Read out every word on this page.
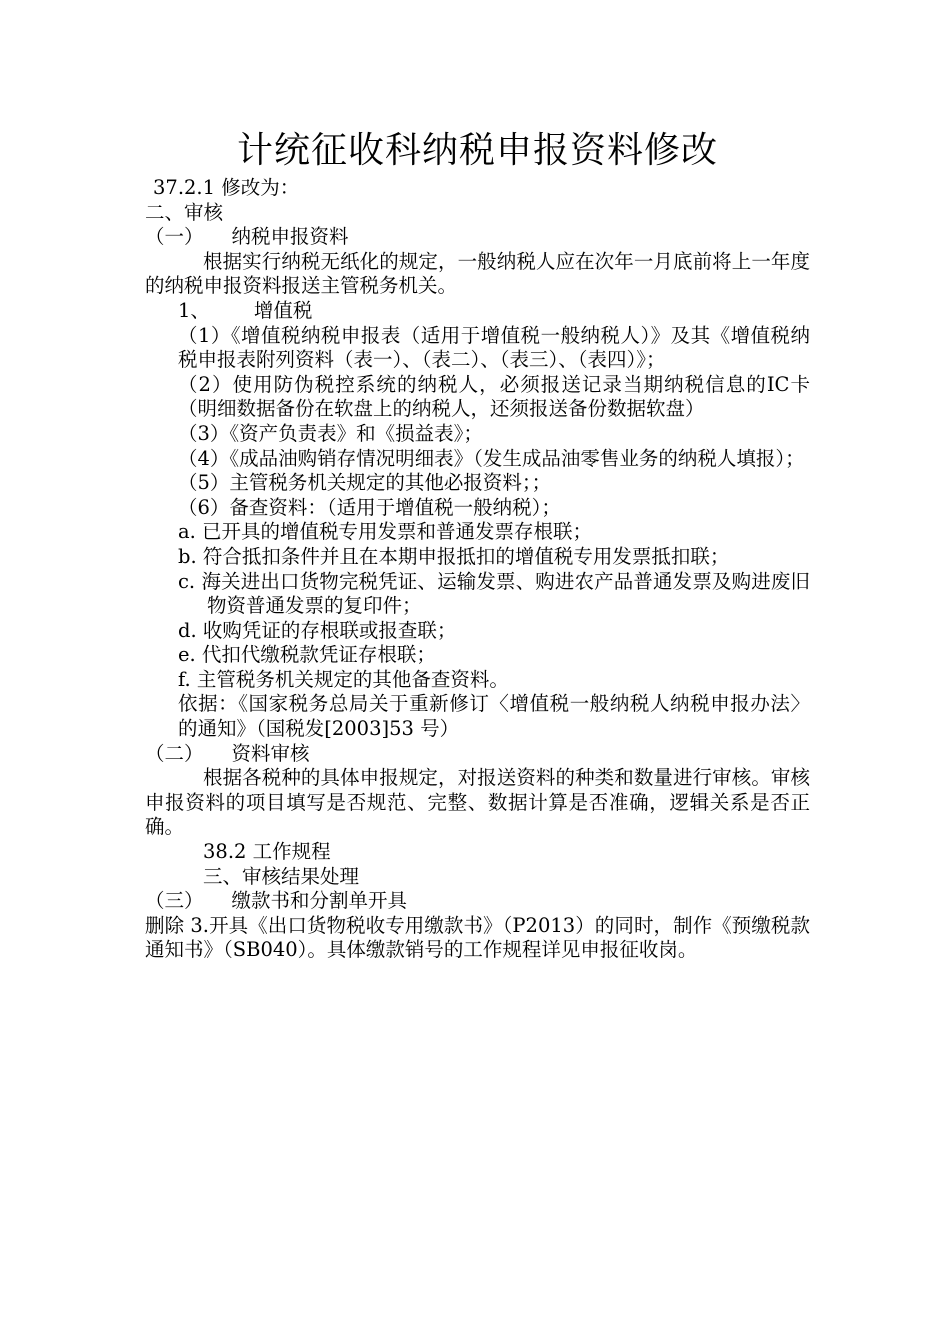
计统征收科纳税申报资料修改
37.2.1 修改为：
二、审核
（一） 纳税申报资料
根据实行纳税无纸化的规定，一般纳税人应在次年一月底前将上一年度的纳税申报资料报送主管税务机关。
1、 增值税
（1）《增值税纳税申报表（适用于增值税一般纳税人）》及其《增值税纳税申报表附列资料（表一）、（表二）、（表三）、（表四）》；
（2）使用防伪税控系统的纳税人，必须报送记录当期纳税信息的IC卡（明细数据备份在软盘上的纳税人，还须报送备份数据软盘）
（3）《资产负责表》和《损益表》；
（4）《成品油购销存情况明细表》（发生成品油零售业务的纳税人填报）；
（5）主管税务机关规定的其他必报资料；；
（6）备查资料：（适用于增值税一般纳税）；
a. 已开具的增值税专用发票和普通发票存根联；
b. 符合抵扣条件并且在本期申报抵扣的增值税专用发票抵扣联；
c. 海关进出口货物完税凭证、运输发票、购进农产品普通发票及购进废旧物资普通发票的复印件；
d. 收购凭证的存根联或报查联；
e. 代扣代缴税款凭证存根联；
f. 主管税务机关规定的其他备查资料。
依据：《国家税务总局关于重新修订〈增值税一般纳税人纳税申报办法〉的通知》（国税发[2003]53 号）
（二） 资料审核
根据各税种的具体申报规定，对报送资料的种类和数量进行审核。审核申报资料的项目填写是否规范、完整、数据计算是否准确，逻辑关系是否正确。
38.2 工作规程
三、审核结果处理
（三） 缴款书和分割单开具
删除 3.开具《出口货物税收专用缴款书》（P2013）的同时，制作《预缴税款通知书》（SB040）。具体缴款销号的工作规程详见申报征收岗。
